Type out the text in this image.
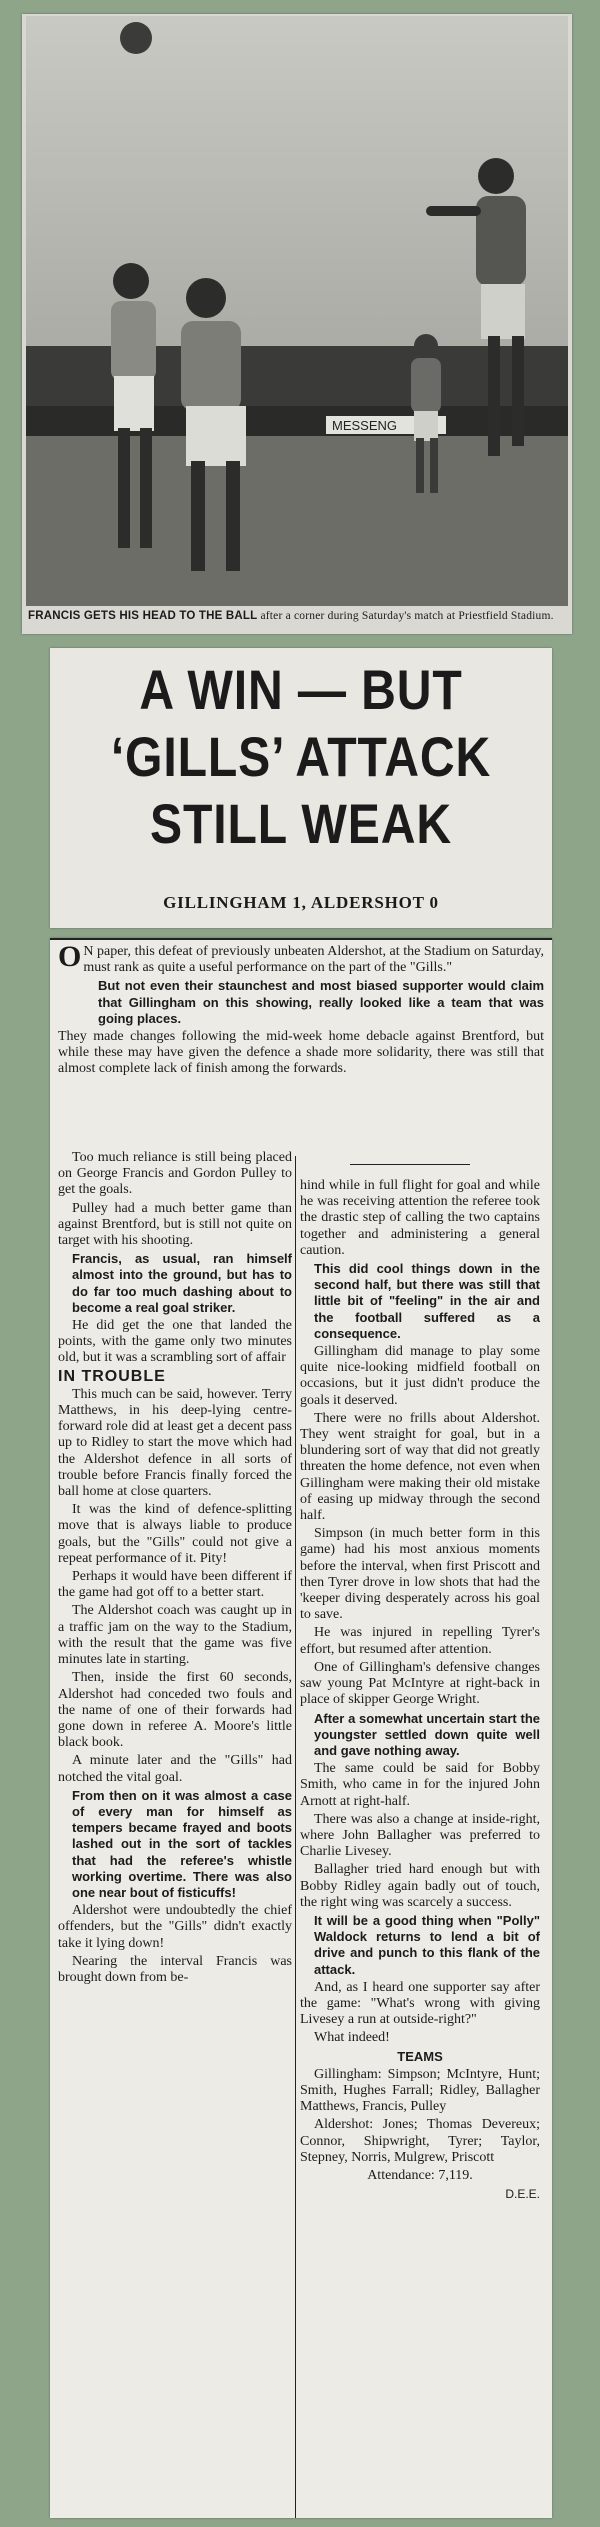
MESSENG
FRANCIS GETS HIS HEAD TO THE BALL after a corner during Saturday's match at Priestfield Stadium.
A WIN — BUT
‘GILLS’ ATTACK
STILL WEAK
GILLINGHAM 1, ALDERSHOT 0

ON paper, this defeat of previously unbeaten Aldershot, at the Stadium on Saturday, must rank as quite a useful performance on the part of the "Gills."

But not even their staunchest and most biased supporter would claim that Gillingham on this showing, really looked like a team that was going places.

They made changes following the mid-week home debacle against Brentford, but while these may have given the defence a shade more solidarity, there was still that almost complete lack of finish among the forwards.

Too much reliance is still being placed on George Francis and Gordon Pulley to get the goals.

Pulley had a much better game than against Brentford, but is still not quite on target with his shooting.

Francis, as usual, ran himself almost into the ground, but has to do far too much dashing about to become a real goal striker.

He did get the one that landed the points, with the game only two minutes old, but it was a scrambling sort of affair

IN TROUBLE

This much can be said, however. Terry Matthews, in his deep-lying centre-forward role did at least get a decent pass up to Ridley to start the move which had the Aldershot defence in all sorts of trouble before Francis finally forced the ball home at close quarters.

It was the kind of defence-splitting move that is always liable to produce goals, but the "Gills" could not give a repeat performance of it. Pity!

Perhaps it would have been different if the game had got off to a better start.

The Aldershot coach was caught up in a traffic jam on the way to the Stadium, with the result that the game was five minutes late in starting.

Then, inside the first 60 seconds, Aldershot had conceded two fouls and the name of one of their forwards had gone down in referee A. Moore's little black book.

A minute later and the "Gills" had notched the vital goal.

From then on it was almost a case of every man for himself as tempers became frayed and boots lashed out in the sort of tackles that had the referee's whistle working overtime. There was also one near bout of fisticuffs!

Aldershot were undoubtedly the chief offenders, but the "Gills" didn't exactly take it lying down!

Nearing the interval Francis was brought down from be-

hind while in full flight for goal and while he was receiving attention the referee took the drastic step of calling the two captains together and administering a general caution.

This did cool things down in the second half, but there was still that little bit of "feeling" in the air and the football suffered as a consequence.

Gillingham did manage to play some quite nice-looking midfield football on occasions, but it just didn't produce the goals it deserved.

There were no frills about Aldershot. They went straight for goal, but in a blundering sort of way that did not greatly threaten the home defence, not even when Gillingham were making their old mistake of easing up midway through the second half.

Simpson (in much better form in this game) had his most anxious moments before the interval, when first Priscott and then Tyrer drove in low shots that had the 'keeper diving desperately across his goal to save.

He was injured in repelling Tyrer's effort, but resumed after attention.

One of Gillingham's defensive changes saw young Pat McIntyre at right-back in place of skipper George Wright.

After a somewhat uncertain start the youngster settled down quite well and gave nothing away.

The same could be said for Bobby Smith, who came in for the injured John Arnott at right-half.

There was also a change at inside-right, where John Ballagher was preferred to Charlie Livesey.

Ballagher tried hard enough but with Bobby Ridley again badly out of touch, the right wing was scarcely a success.

It will be a good thing when "Polly" Waldock returns to lend a bit of drive and punch to this flank of the attack.

And, as I heard one supporter say after the game: "What's wrong with giving Livesey a run at outside-right?"

What indeed!

TEAMS

Gillingham: Simpson; McIntyre, Hunt; Smith, Hughes Farrall; Ridley, Ballagher Matthews, Francis, Pulley

Aldershot: Jones; Thomas Devereux; Connor, Shipwright, Tyrer; Taylor, Stepney, Norris, Mulgrew, Priscott

Attendance: 7,119.

D.E.E.
